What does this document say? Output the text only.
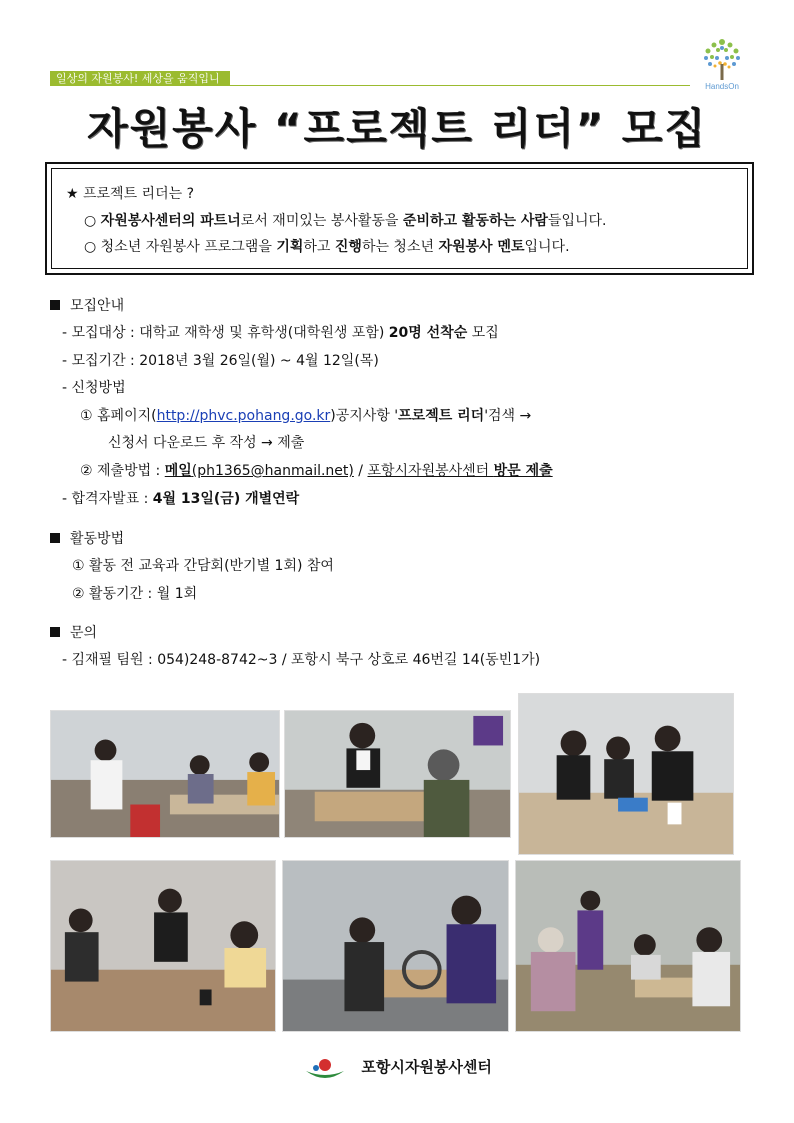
일상의 자원봉사! 세상을 움직입니다.
HandsOn
자원봉사 “프로젝트 리더” 모집
★ 프로젝트 리더는 ?
○ 자원봉사센터의 파트너로서 재미있는 봉사활동을 준비하고 활동하는 사람들입니다.
○ 청소년 자원봉사 프로그램을 기획하고 진행하는 청소년 자원봉사 멘토입니다.
모집안내
- 모집대상 : 대학교 재학생 및 휴학생(대학원생 포함) 20명 선착순 모집
- 모집기간 : 2018년 3월 26일(월) ~ 4월 12일(목)
- 신청방법
① 홈페이지(http://phvc.pohang.go.kr)공지사항 '프로젝트 리더'검색 →
신청서 다운로드 후 작성 → 제출
② 제출방법 : 메일(ph1365@hanmail.net) / 포항시자원봉사센터 방문 제출
- 합격자발표 : 4월 13일(금) 개별연락
활동방법
① 활동 전 교육과 간담회(반기별 1회) 참여
② 활동기간 : 월 1회
문의
- 김재필 팀원 : 054)248-8742~3 / 포항시 북구 상호로 46번길 14(동빈1가)
포항시자원봉사센터
